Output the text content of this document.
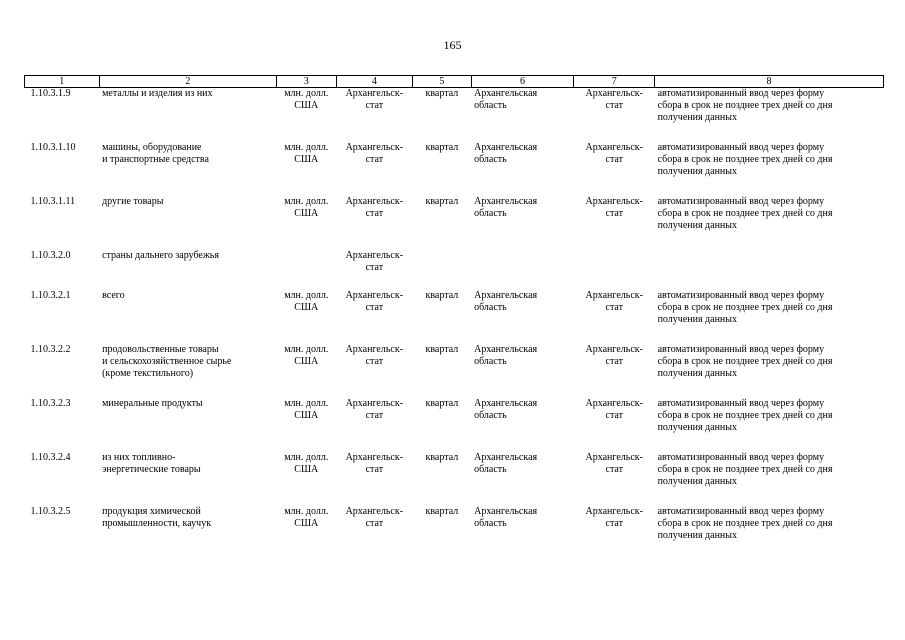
165
1	2	3	4	5	6	7	8

1.10.3.1.9	металлы и изделия из них	млн. долл.
США	Архангельск-
стат	квартал	Архангельская
область	Архангельск-
стат	автоматизированный ввод через форму
сбора в срок не позднее трех дней со дня
получения данных

1.10.3.1.10	машины, оборудование
и транспортные средства	млн. долл.
США	Архангельск-
стат	квартал	Архангельская
область	Архангельск-
стат	автоматизированный ввод через форму
сбора в срок не позднее трех дней со дня
получения данных

1.10.3.1.11	другие товары	млн. долл.
США	Архангельск-
стат	квартал	Архангельская
область	Архангельск-
стат	автоматизированный ввод через форму
сбора в срок не позднее трех дней со дня
получения данных

1.10.3.2.0	страны дальнего зарубежья		Архангельск-
стат				

1.10.3.2.1	всего	млн. долл.
США	Архангельск-
стат	квартал	Архангельская
область	Архангельск-
стат	автоматизированный ввод через форму
сбора в срок не позднее трех дней со дня
получения данных

1.10.3.2.2	продовольственные товары
и сельскохозяйственное сырье
(кроме текстильного)	млн. долл.
США	Архангельск-
стат	квартал	Архангельская
область	Архангельск-
стат	автоматизированный ввод через форму
сбора в срок не позднее трех дней со дня
получения данных

1.10.3.2.3	минеральные продукты	млн. долл.
США	Архангельск-
стат	квартал	Архангельская
область	Архангельск-
стат	автоматизированный ввод через форму
сбора в срок не позднее трех дней со дня
получения данных

1.10.3.2.4	из них топливно-
энергетические товары	млн. долл.
США	Архангельск-
стат	квартал	Архангельская
область	Архангельск-
стат	автоматизированный ввод через форму
сбора в срок не позднее трех дней со дня
получения данных

1.10.3.2.5	продукция химической
промышленности, каучук	млн. долл.
США	Архангельск-
стат	квартал	Архангельская
область	Архангельск-
стат	автоматизированный ввод через форму
сбора в срок не позднее трех дней со дня
получения данных
